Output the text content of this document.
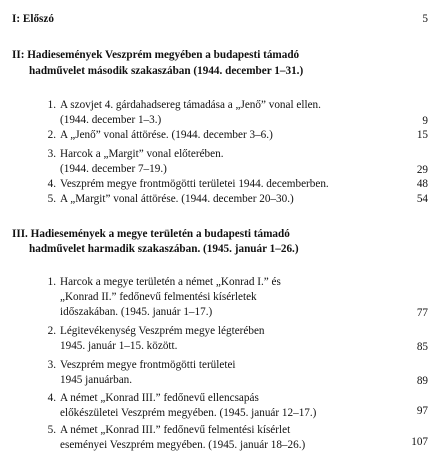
I: Előszó	5
II: Hadiesemények Veszprém megyében a budapesti támadó
hadművelet második szakaszában (1944. december 1–31.)
1. A szovjet 4. gárdahadsereg támadása a „Jenő” vonal ellen.
(1944. december 1–3.)	9
2. A „Jenő” vonal áttörése. (1944. december 3–6.)	15
3. Harcok a „Margit” vonal előterében.
(1944. december 7–19.)	29
4. Veszprém megye frontmögötti területei 1944. decemberben.	48
5. A „Margit” vonal áttörése. (1944. december 20–30.)	54
III. Hadiesemények a megye területén a budapesti támadó
hadművelet harmadik szakaszában. (1945. január 1–26.)
1. Harcok a megye területén a német „Konrad I.” és
„Konrad II.” fedőnevű felmentési kísérletek
időszakában. (1945. január 1–17.)	77
2. Légitevékenység Veszprém megye légterében
1945. január 1–15. között.	85
3. Veszprém megye frontmögötti területei
1945 januárban.	89
4. A német „Konrad III.” fedőnevű ellencsapás
előkészületei Veszprém megyében. (1945. január 12–17.)	97
5. A német „Konrad III.” fedőnevű felmentési kísérlet
eseményei Veszprém megyében. (1945. január 18–26.)	107
